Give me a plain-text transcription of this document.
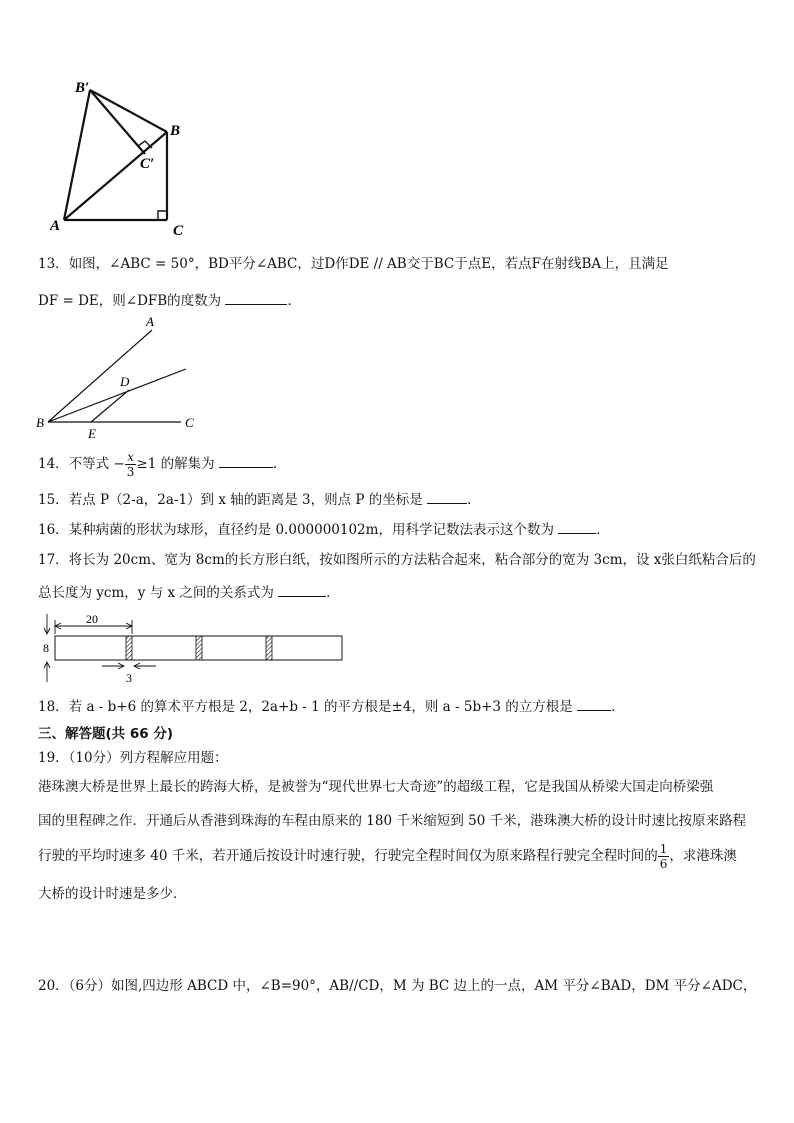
B′
B
C′
A	C
13．如图，∠ABC = 50°，BD平分∠ABC，过D作DE // AB交于BC于点E，若点F在射线BA上，且满足
DF = DE，则∠DFB的度数为	．
A
D
B	C
E
14．不等式 − $\frac{x}{3} \ge 1$ 的解集为	.
15．若点 P（2-a，2a-1）到 x 轴的距离是 3，则点 P 的坐标是	．
16．某种病菌的形状为球形，直径约是 0.000000102m，用科学记数法表示这个数为	．
17．将长为 20cm、宽为 8cm的长方形白纸，按如图所示的方法粘合起来，粘合部分的宽为 3cm，设 x张白纸粘合后的
总长度为 ycm，y 与 x 之间的关系式为	．
20
8
3
18．若 a - b+6 的算术平方根是 2，2a+b - 1 的平方根是±4，则 a - 5b+3 的立方根是	．
三、解答题(共 66 分)
19．（10分）列方程解应用题：
港珠澳大桥是世界上最长的跨海大桥，是被誉为“现代世界七大奇迹”的超级工程，它是我国从桥梁大国走向桥梁强
国的里程碑之作．开通后从香港到珠海的车程由原来的 180 千米缩短到 50 千米，港珠澳大桥的设计时速比按原来路程
行驶的平均时速多 40 千米，若开通后按设计时速行驶，行驶完全程时间仅为原来路程行驶完全程时间的 $\frac{1}{6}$ ，求港珠澳
大桥的设计时速是多少．
20．（6分）如图,四边形 ABCD 中，∠B=90°，AB//CD，M 为 BC 边上的一点，AM 平分∠BAD，DM 平分∠ADC，
